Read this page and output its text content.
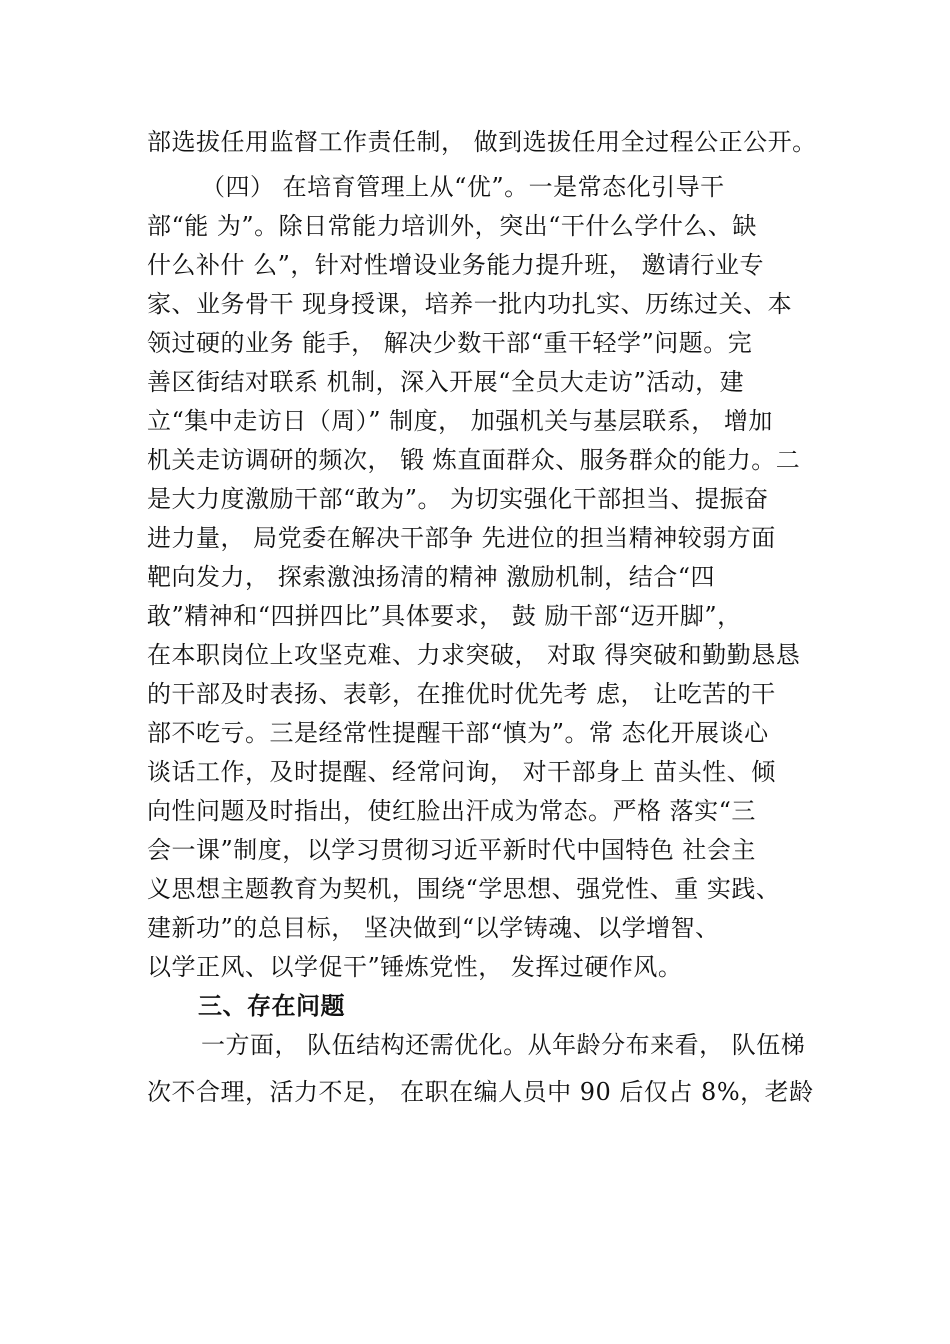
部选拔任用监督工作责任制， 做到选拔任用全过程公正公开。
（四） 在培育管理上从“优”。一是常态化引导干
部“能 为”。除日常能力培训外，突出“干什么学什么、缺
什么补什 么”，针对性增设业务能力提升班， 邀请行业专
家、业务骨干 现身授课，培养一批内功扎实、历练过关、本
领过硬的业务 能手， 解决少数干部“重干轻学”问题。完
善区街结对联系 机制，深入开展“全员大走访”活动，建
立“集中走访日（周）” 制度， 加强机关与基层联系， 增加
机关走访调研的频次， 锻 炼直面群众、服务群众的能力。二
是大力度激励干部“敢为”。 为切实强化干部担当、提振奋
进力量， 局党委在解决干部争 先进位的担当精神较弱方面
靶向发力， 探索激浊扬清的精神 激励机制，结合“四
敢”精神和“四拼四比”具体要求， 鼓 励干部“迈开脚”，
在本职岗位上攻坚克难、力求突破， 对取 得突破和勤勤恳恳
的干部及时表扬、表彰，在推优时优先考 虑， 让吃苦的干
部不吃亏。三是经常性提醒干部“慎为”。常 态化开展谈心
谈话工作，及时提醒、经常问询， 对干部身上 苗头性、倾
向性问题及时指出，使红脸出汗成为常态。严格 落实“三
会一课”制度，以学习贯彻习近平新时代中国特色 社会主
义思想主题教育为契机，围绕“学思想、强党性、重 实践、
建新功”的总目标， 坚决做到“以学铸魂、以学增智、
以学正风、以学促干”锤炼党性， 发挥过硬作风。
三、存在问题
一方面， 队伍结构还需优化。从年龄分布来看， 队伍梯
次不合理，活力不足， 在职在编人员中 90 后仅占 8%，老龄
